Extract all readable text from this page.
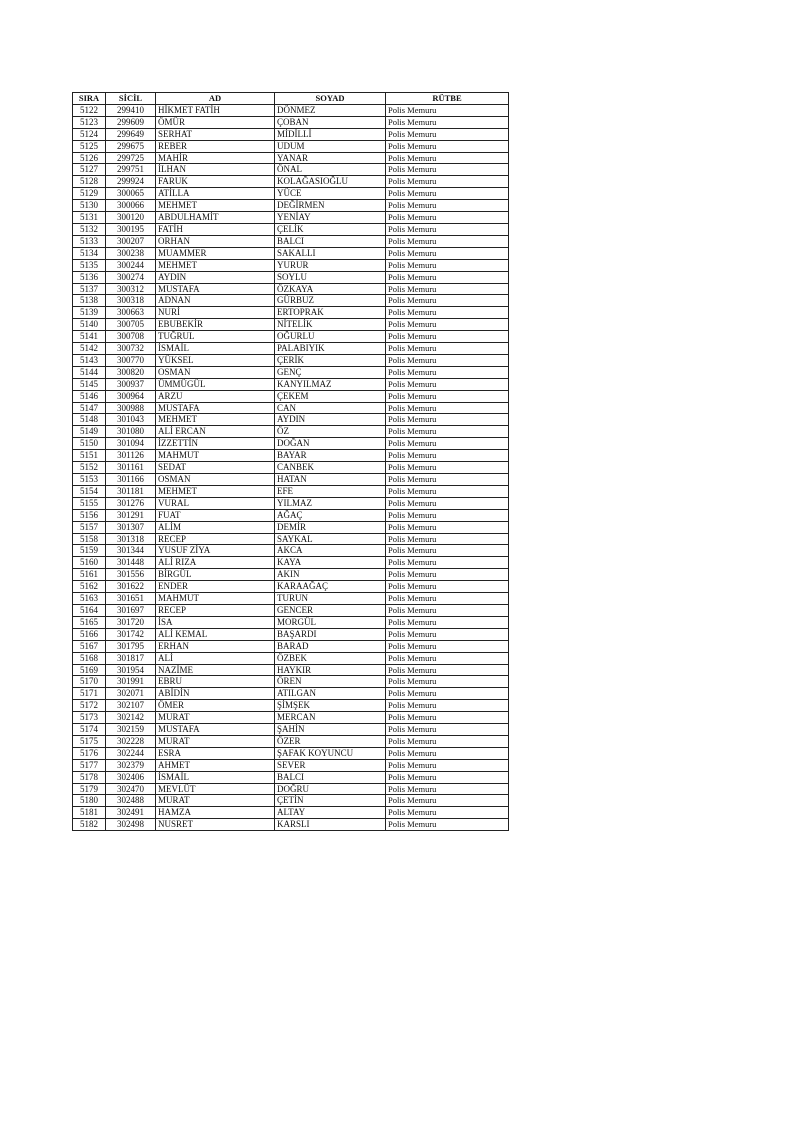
SIRA	SİCİL	AD	SOYAD	RÜTBE
5122	299410	HİKMET FATİH	DÖNMEZ	Polis Memuru
5123	299609	ÖMÜR	ÇOBAN	Polis Memuru
5124	299649	SERHAT	MİDİLLİ	Polis Memuru
5125	299675	REBER	UDUM	Polis Memuru
5126	299725	MAHİR	YANAR	Polis Memuru
5127	299751	İLHAN	ÖNAL	Polis Memuru
5128	299924	FARUK	KOLAĞASIOĞLU	Polis Memuru
5129	300065	ATİLLA	YÜCE	Polis Memuru
5130	300066	MEHMET	DEĞİRMEN	Polis Memuru
5131	300120	ABDULHAMİT	YENİAY	Polis Memuru
5132	300195	FATİH	ÇELİK	Polis Memuru
5133	300207	ORHAN	BALCI	Polis Memuru
5134	300238	MUAMMER	SAKALLI	Polis Memuru
5135	300244	MEHMET	YURUR	Polis Memuru
5136	300274	AYDIN	SOYLU	Polis Memuru
5137	300312	MUSTAFA	ÖZKAYA	Polis Memuru
5138	300318	ADNAN	GÜRBUZ	Polis Memuru
5139	300663	NURİ	ERTOPRAK	Polis Memuru
5140	300705	EBUBEKİR	NİTELİK	Polis Memuru
5141	300708	TUĞRUL	OĞURLU	Polis Memuru
5142	300732	İSMAİL	PALABIYIK	Polis Memuru
5143	300770	YÜKSEL	ÇERİK	Polis Memuru
5144	300820	OSMAN	GENÇ	Polis Memuru
5145	300937	ÜMMÜGÜL	KANYILMAZ	Polis Memuru
5146	300964	ARZU	ÇEKEM	Polis Memuru
5147	300988	MUSTAFA	CAN	Polis Memuru
5148	301043	MEHMET	AYDIN	Polis Memuru
5149	301080	ALİ ERCAN	ÖZ	Polis Memuru
5150	301094	İZZETTİN	DOĞAN	Polis Memuru
5151	301126	MAHMUT	BAYAR	Polis Memuru
5152	301161	SEDAT	CANBEK	Polis Memuru
5153	301166	OSMAN	HATAN	Polis Memuru
5154	301181	MEHMET	EFE	Polis Memuru
5155	301276	VURAL	YILMAZ	Polis Memuru
5156	301291	FUAT	AĞAÇ	Polis Memuru
5157	301307	ALİM	DEMİR	Polis Memuru
5158	301318	RECEP	SAYKAL	Polis Memuru
5159	301344	YUSUF ZİYA	AKCA	Polis Memuru
5160	301448	ALİ RIZA	KAYA	Polis Memuru
5161	301556	BİRGÜL	AKIN	Polis Memuru
5162	301622	ENDER	KARAAĞAÇ	Polis Memuru
5163	301651	MAHMUT	TURUN	Polis Memuru
5164	301697	RECEP	GENCER	Polis Memuru
5165	301720	İSA	MORGÜL	Polis Memuru
5166	301742	ALİ KEMAL	BAŞARDI	Polis Memuru
5167	301795	ERHAN	BARAD	Polis Memuru
5168	301817	ALİ	ÖZBEK	Polis Memuru
5169	301954	NAZİME	HAYKIR	Polis Memuru
5170	301991	EBRU	ÖREN	Polis Memuru
5171	302071	ABİDİN	ATILGAN	Polis Memuru
5172	302107	ÖMER	ŞİMŞEK	Polis Memuru
5173	302142	MURAT	MERCAN	Polis Memuru
5174	302159	MUSTAFA	ŞAHİN	Polis Memuru
5175	302228	MURAT	ÖZER	Polis Memuru
5176	302244	ESRA	ŞAFAK KOYUNCU	Polis Memuru
5177	302379	AHMET	SEVER	Polis Memuru
5178	302406	İSMAİL	BALCI	Polis Memuru
5179	302470	MEVLÜT	DOĞRU	Polis Memuru
5180	302488	MURAT	ÇETİN	Polis Memuru
5181	302491	HAMZA	ALTAY	Polis Memuru
5182	302498	NUSRET	KARSLI	Polis Memuru
